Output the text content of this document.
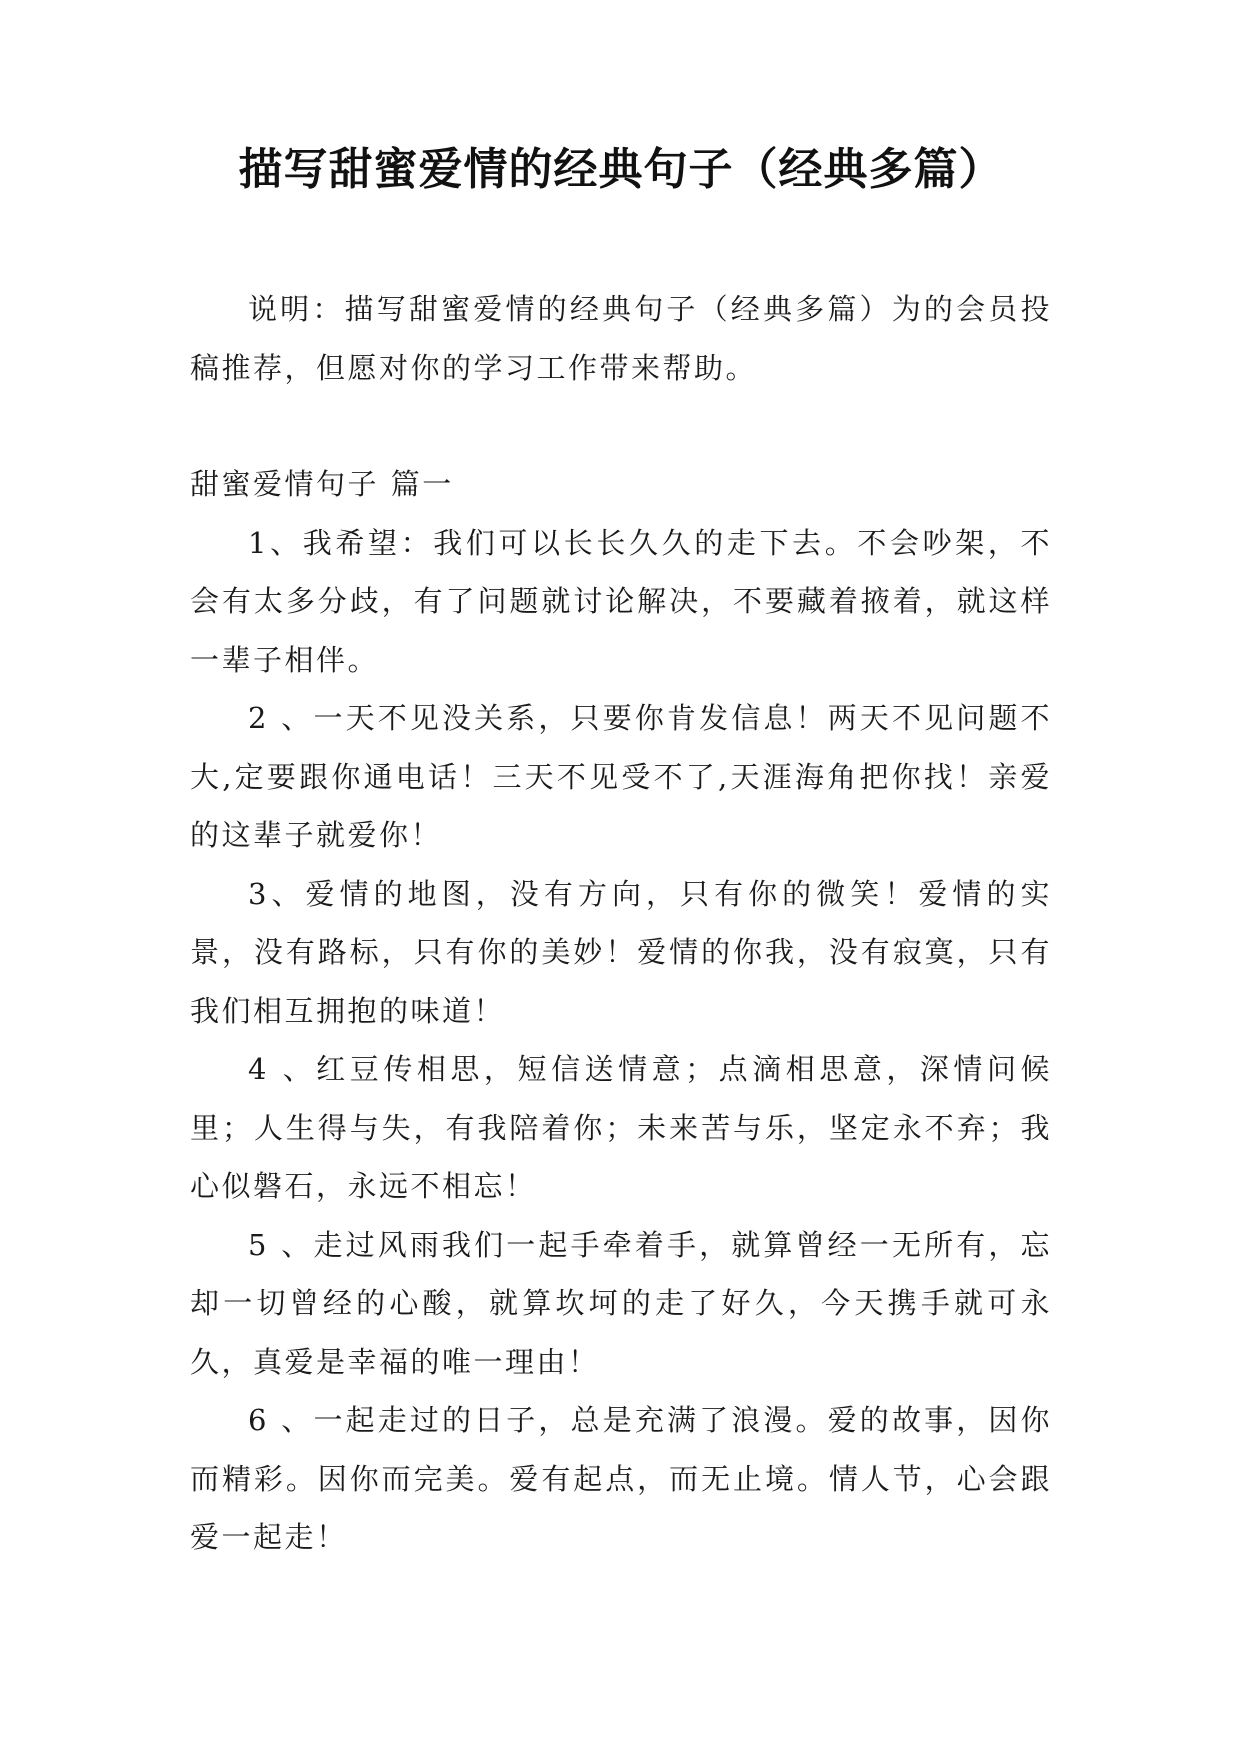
描写甜蜜爱情的经典句子（经典多篇）

说明：描写甜蜜爱情的经典句子（经典多篇）为的会员投稿推荐，但愿对你的学习工作带来帮助。

甜蜜爱情句子 篇一

1、我希望：我们可以长长久久的走下去。不会吵架，不会有太多分歧，有了问题就讨论解决，不要藏着掖着，就这样一辈子相伴。

2 、一天不见没关系，只要你肯发信息！两天不见问题不大,定要跟你通电话！三天不见受不了,天涯海角把你找！亲爱的这辈子就爱你！

3、爱情的地图，没有方向，只有你的微笑！爱情的实景，没有路标，只有你的美妙！爱情的你我，没有寂寞，只有我们相互拥抱的味道！

4 、红豆传相思，短信送情意；点滴相思意，深情问候里；人生得与失，有我陪着你；未来苦与乐，坚定永不弃；我心似磐石，永远不相忘！

5 、走过风雨我们一起手牵着手，就算曾经一无所有，忘却一切曾经的心酸，就算坎坷的走了好久，今天携手就可永久，真爱是幸福的唯一理由！

6 、一起走过的日子，总是充满了浪漫。爱的故事，因你而精彩。因你而完美。爱有起点，而无止境。情人节，心会跟爱一起走！
